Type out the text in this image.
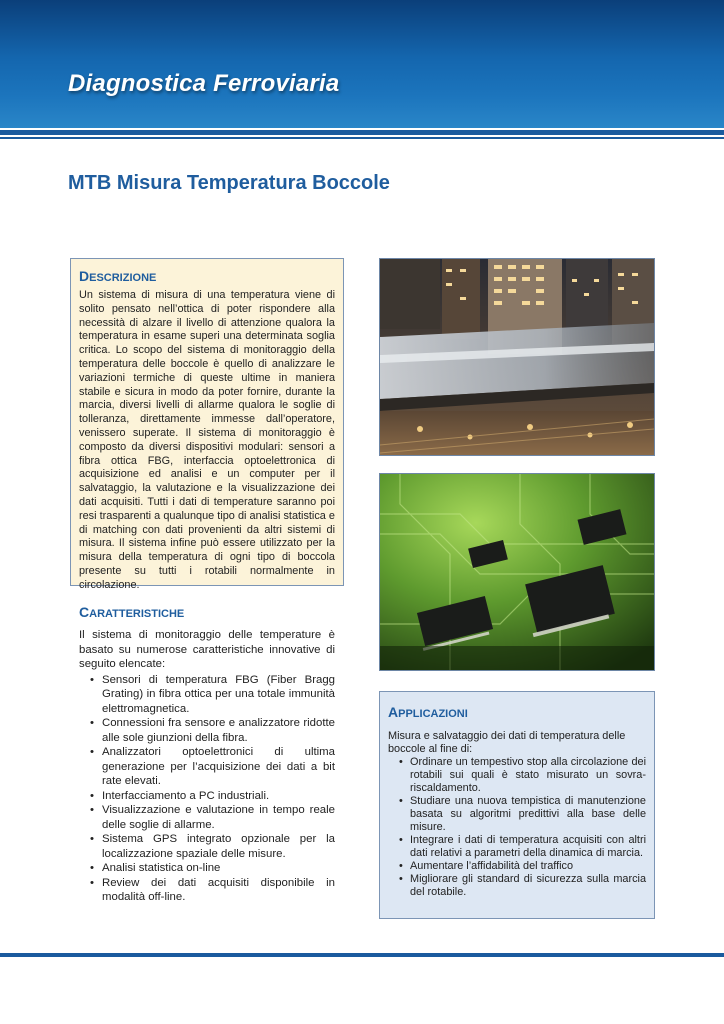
Diagnostica Ferroviaria
MTB Misura Temperatura Boccole
DESCRIZIONE

Un sistema di misura di una temperatura viene di solito pensato nell’ottica di poter rispondere alla necessità di alzare il livello di attenzione qualora la temperatura in esame superi una determinata soglia critica. Lo scopo del sistema di monitoraggio della temperatura delle boccole è quello di analizzare le variazioni termiche di queste ultime in maniera stabile e sicura in modo da poter fornire, durante la marcia, diversi livelli di allarme qualora le soglie di tolleranza, direttamente immesse dall’operatore, venissero superate. Il sistema di monitoraggio è composto da diversi dispositivi modulari: sensori a fibra ottica FBG, interfaccia optoelettronica di acquisizione ed analisi e un computer per il salvataggio, la valutazione e la visualizzazione dei dati acquisiti. Tutti i dati di temperature saranno poi resi trasparenti a qualunque tipo di analisi statistica e di matching con dati provenienti da altri sistemi di misura. Il sistema infine può essere utilizzato per la misura della temperatura di ogni tipo di boccola presente su tutti i rotabili normalmente in circolazione.

CARATTERISTICHE

Il sistema di monitoraggio delle temperature è basato su numerose caratteristiche innovative di seguito elencate:

• Sensori di temperatura FBG (Fiber Bragg Grating) in fibra ottica per una totale immunità elettromagnetica.
• Connessioni fra sensore e analizzatore ridotte alle sole giunzioni della fibra.
• Analizzatori optoelettronici di ultima generazione per l’acquisizione dei dati a bit rate elevati.
• Interfacciamento a PC industriali.
• Visualizzazione e valutazione in tempo reale delle soglie di allarme.
• Sistema GPS integrato opzionale per la localizzazione spaziale delle misure.
• Analisi statistica on-line
• Review dei dati acquisiti disponibile in modalità off-line.
APPLICAZIONI

Misura e salvataggio dei dati di temperatura delle boccole al fine di:

• Ordinare un tempestivo stop alla circolazione dei rotabili sui quali è stato misurato un sovra-riscaldamento.
• Studiare una nuova tempistica di manutenzione basata su algoritmi predittivi alla base delle misure.
• Integrare i dati di temperatura acquisiti con altri dati relativi a parametri della dinamica di marcia.
• Aumentare l’affidabilità del traffico
• Migliorare gli standard di sicurezza sulla marcia del rotabile.
